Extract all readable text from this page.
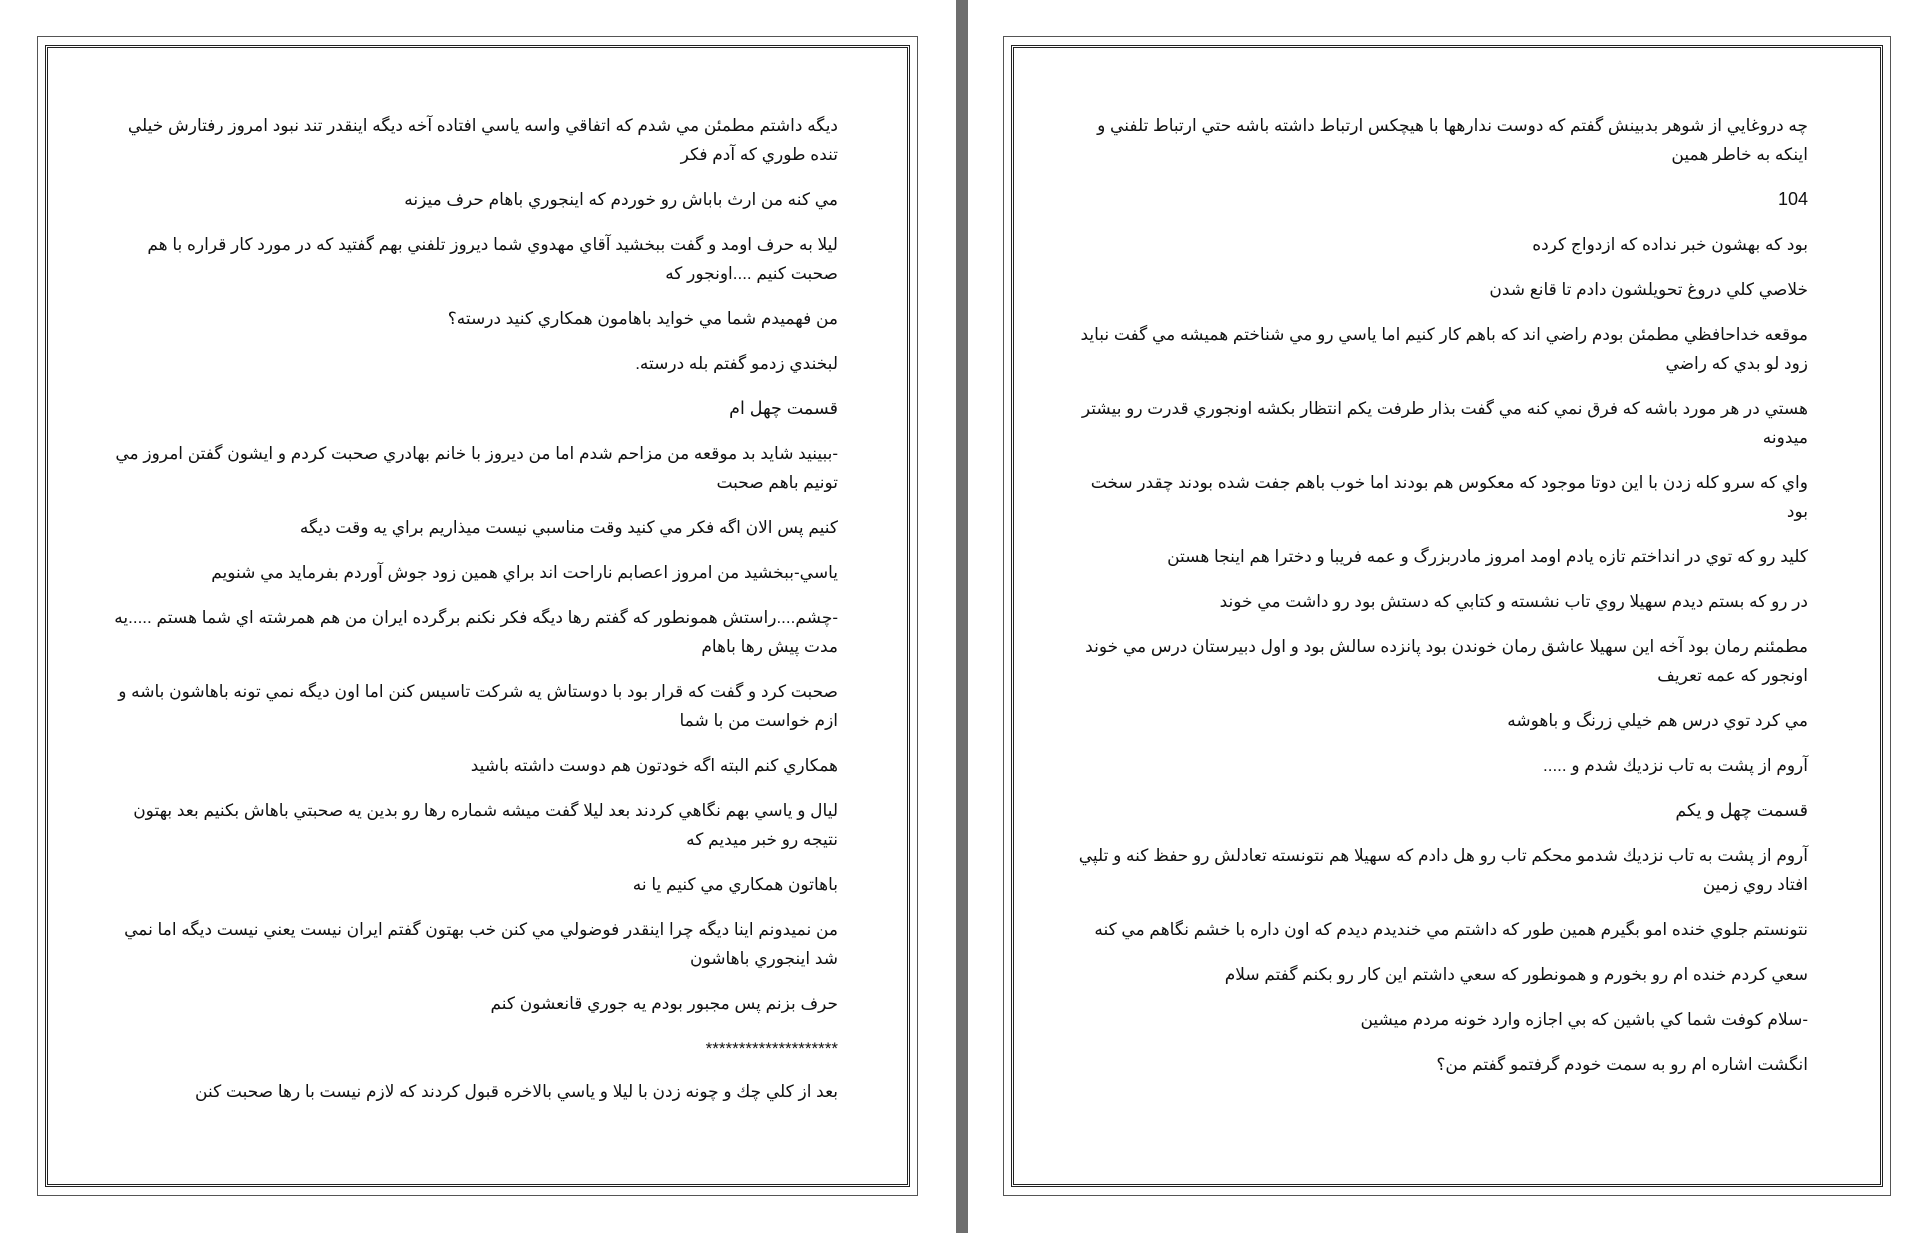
ديگه داشتم مطمئن مي شدم كه اتفاقي واسه ياسي افتاده آخه ديگه اينقدر تند نبود امروز رفتارش خيلي تنده طوري كه آدم فكر

مي كنه من ارث باباش رو خوردم كه اينجوري باهام حرف ميزنه

ليلا به حرف اومد و گفت ببخشيد آقاي مهدوي شما ديروز تلفني بهم گفتيد كه در مورد كار قراره با هم صحبت كنيم ....اونجور كه

من فهميدم شما مي خوايد باهامون همكاري كنيد درسته؟

لبخندي زدمو گفتم بله درسته.

قسمت چهل ام

-ببينيد شايد بد موقعه من مزاحم شدم اما من ديروز با خانم بهادري صحبت كردم و ايشون گفتن امروز مي تونيم باهم صحبت

كنيم پس الان اگه فكر مي كنيد وقت مناسبي نيست ميذاريم براي يه وقت ديگه

ياسي-ببخشيد من امروز اعصابم ناراحت اند براي همين زود جوش آوردم بفرمايد مي شنويم

-چشم....راستش همونطور كه گفتم رها ديگه فكر نكنم برگرده ايران من هم همرشته اي شما هستم .....يه مدت پيش رها باهام

صحبت كرد و گفت كه قرار بود با دوستاش يه شركت تاسيس كنن اما اون ديگه نمي تونه باهاشون باشه و ازم خواست من با شما

همكاري كنم البته اگه خودتون هم دوست داشته باشيد

ليال و ياسي بهم نگاهي كردند بعد ليلا گفت ميشه شماره رها رو بدين يه صحبتي باهاش بكنيم بعد بهتون نتيجه رو خبر ميديم كه

باهاتون همكاري مي كنيم يا نه

من نميدونم اينا ديگه چرا اينقدر فوضولي مي كنن خب بهتون گفتم ايران نيست يعني نيست ديگه اما نمي شد اينجوري باهاشون

حرف بزنم پس مجبور بودم يه جوري قانعشون كنم

********************

بعد از كلي چك و چونه زدن با ليلا و ياسي بالاخره قبول كردند كه لازم نيست با رها صحبت كنن

چه دروغايي از شوهر بدبينش گفتم كه دوست ندارهها با هيچكس ارتباط داشته باشه حتي ارتباط تلفني و اينكه به خاطر همين

104

بود كه بهشون خبر نداده كه ازدواج كرده

خلاصي كلي دروغ تحويلشون دادم تا قانع شدن

موقعه خداحافظي مطمئن بودم راضي اند كه باهم كار كنيم اما ياسي رو مي شناختم هميشه مي گفت نبايد زود لو بدي كه راضي

هستي در هر مورد باشه كه فرق نمي كنه مي گفت بذار طرفت يكم انتظار بكشه اونجوري قدرت رو بيشتر ميدونه

واي كه سرو كله زدن با اين دوتا موجود كه معكوس هم بودند اما خوب باهم جفت شده بودند چقدر سخت بود

كليد رو كه توي در انداختم تازه يادم اومد امروز مادربزرگ و عمه فريبا و دخترا هم اينجا هستن

در رو كه بستم ديدم سهيلا روي تاب نشسته و كتابي كه دستش بود رو داشت مي خوند

مطمئنم رمان بود آخه اين سهيلا عاشق رمان خوندن بود پانزده سالش بود و اول دبيرستان درس مي خوند اونجور كه عمه تعريف

مي كرد توي درس هم خيلي زرنگ و باهوشه

آروم از پشت به تاب نزديك شدم و .....

قسمت چهل و يكم

آروم از پشت به تاب نزديك شدمو محكم تاب رو هل دادم كه سهيلا هم نتونسته تعادلش رو حفظ كنه و تلپي افتاد روي زمين

نتونستم جلوي خنده امو بگيرم همين طور كه داشتم مي خنديدم ديدم كه اون داره با خشم نگاهم مي كنه

سعي كردم خنده ام رو بخورم و همونطور كه سعي داشتم اين كار رو بكنم گفتم سلام

-سلام كوفت شما كي باشين كه بي اجازه وارد خونه مردم ميشين

انگشت اشاره ام رو به سمت خودم گرفتمو گفتم من؟
